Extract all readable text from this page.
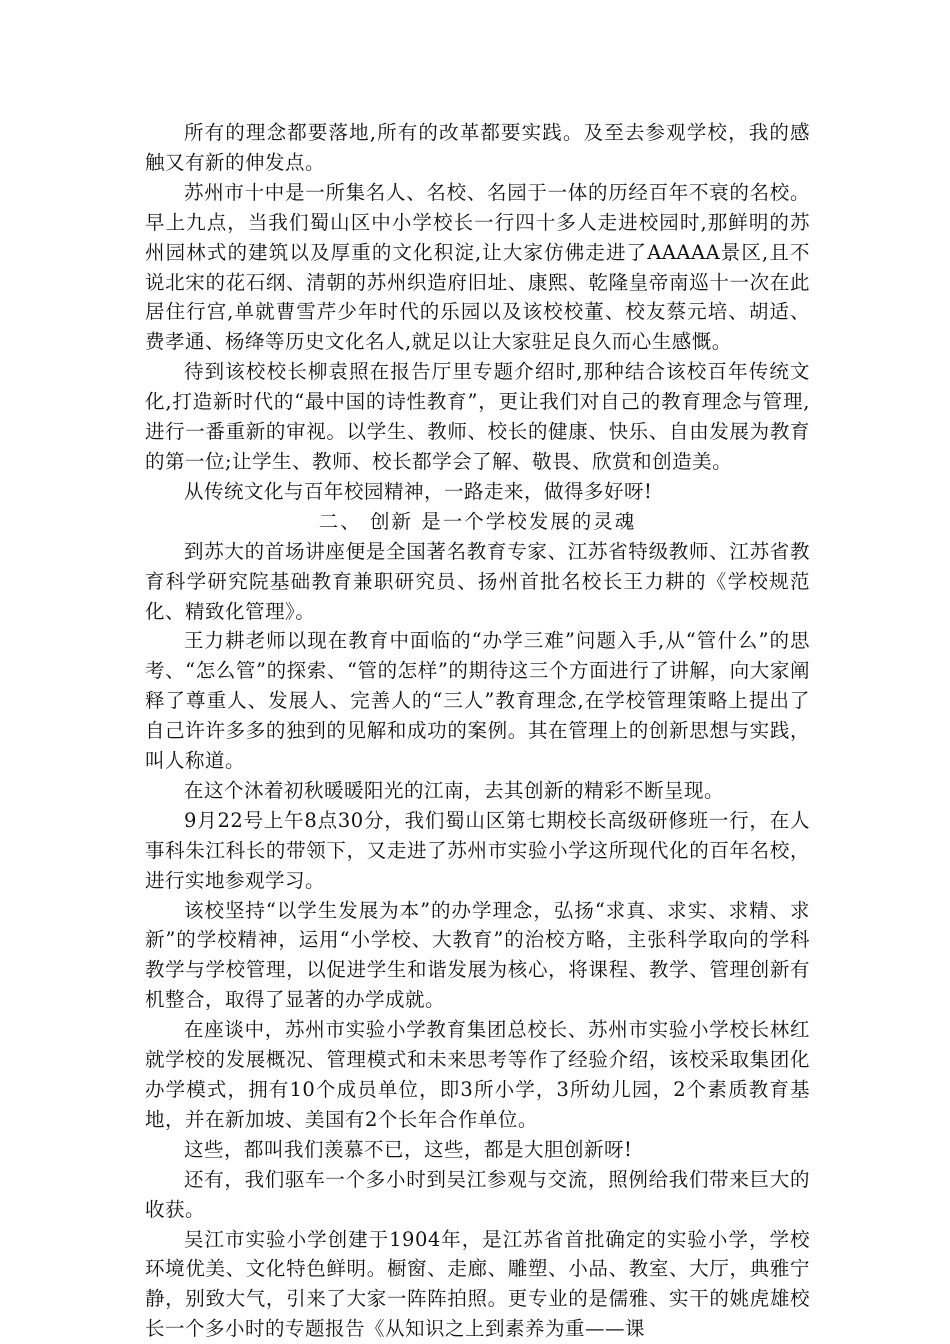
所有的理念都要落地,所有的改革都要实践。及至去参观学校，我的感触又有新的伸发点。

苏州市十中是一所集名人、名校、名园于一体的历经百年不衰的名校。早上九点，当我们蜀山区中小学校长一行四十多人走进校园时,那鲜明的苏州园林式的建筑以及厚重的文化积淀,让大家仿佛走进了AAAAA景区,且不说北宋的花石纲、清朝的苏州织造府旧址、康熙、乾隆皇帝南巡十一次在此居住行宫,单就曹雪芹少年时代的乐园以及该校校董、校友蔡元培、胡适、费孝通、杨绛等历史文化名人,就足以让大家驻足良久而心生感慨。

待到该校校长柳袁照在报告厅里专题介绍时,那种结合该校百年传统文化,打造新时代的“最中国的诗性教育”，更让我们对自己的教育理念与管理,进行一番重新的审视。以学生、教师、校长的健康、快乐、自由发展为教育的第一位;让学生、教师、校长都学会了解、敬畏、欣赏和创造美。

从传统文化与百年校园精神，一路走来，做得多好呀!

二、 创新 是一个学校发展的灵魂

到苏大的首场讲座便是全国著名教育专家、江苏省特级教师、江苏省教育科学研究院基础教育兼职研究员、扬州首批名校长王力耕的《学校规范化、精致化管理》。

王力耕老师以现在教育中面临的“办学三难”问题入手,从“管什么”的思考、“怎么管”的探索、“管的怎样”的期待这三个方面进行了讲解，向大家阐释了尊重人、发展人、完善人的“三人”教育理念,在学校管理策略上提出了自己许许多多的独到的见解和成功的案例。其在管理上的创新思想与实践，叫人称道。

在这个沐着初秋暖暖阳光的江南，去其创新的精彩不断呈现。

9月22号上午8点30分，我们蜀山区第七期校长高级研修班一行，在人事科朱江科长的带领下，又走进了苏州市实验小学这所现代化的百年名校，进行实地参观学习。

该校坚持“以学生发展为本”的办学理念，弘扬“求真、求实、求精、求新”的学校精神，运用“小学校、大教育”的治校方略，主张科学取向的学科教学与学校管理，以促进学生和谐发展为核心，将课程、教学、管理创新有机整合，取得了显著的办学成就。

在座谈中，苏州市实验小学教育集团总校长、苏州市实验小学校长林红就学校的发展概况、管理模式和未来思考等作了经验介绍，该校采取集团化办学模式，拥有10个成员单位，即3所小学，3所幼儿园，2个素质教育基地，并在新加坡、美国有2个长年合作单位。

这些，都叫我们羡慕不已，这些，都是大胆创新呀!

还有，我们驱车一个多小时到吴江参观与交流，照例给我们带来巨大的收获。

吴江市实验小学创建于1904年，是江苏省首批确定的实验小学，学校环境优美、文化特色鲜明。橱窗、走廊、雕塑、小品、教室、大厅，典雅宁静，别致大气，引来了大家一阵阵拍照。更专业的是儒雅、实干的姚虎雄校长一个多小时的专题报告《从知识之上到素养为重——课
